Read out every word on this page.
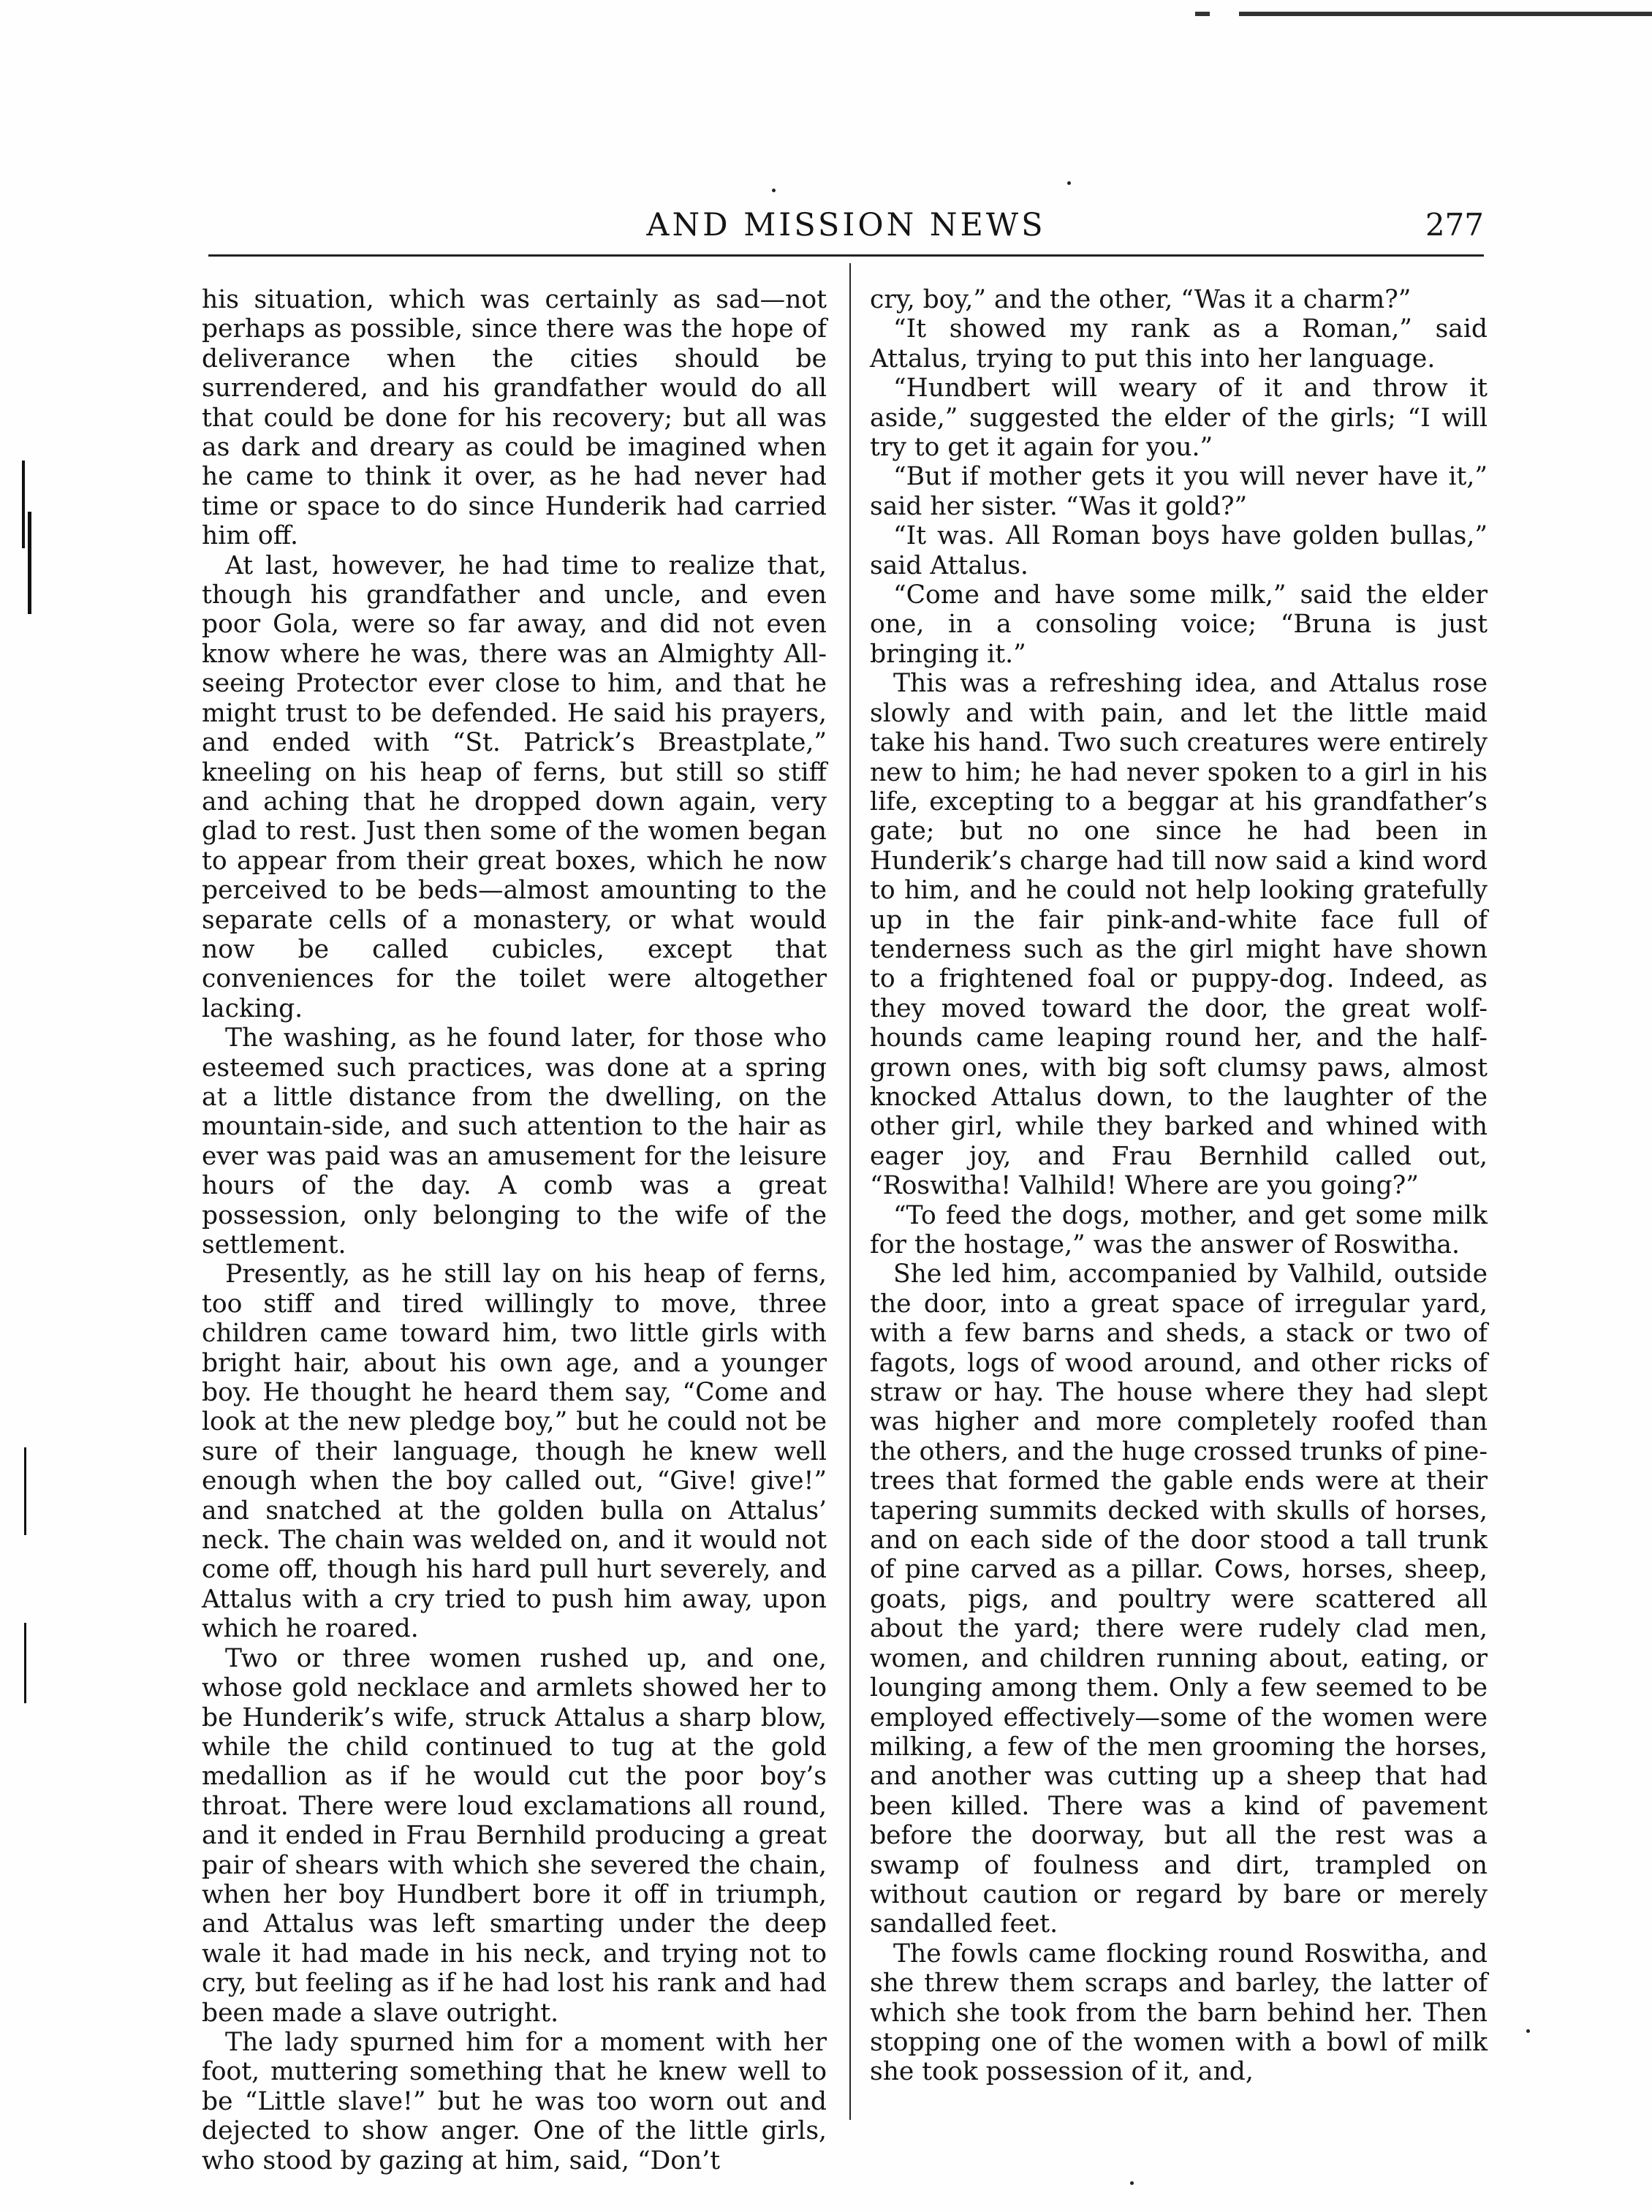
AND MISSION NEWS	277

his situation, which was certainly as sad—not perhaps as possible, since there was the hope of deliverance when the cities should be surrendered, and his grandfather would do all that could be done for his recovery; but all was as dark and dreary as could be imagined when he came to think it over, as he had never had time or space to do since Hunderik had carried him off.

At last, however, he had time to realize that, though his grandfather and uncle, and even poor Gola, were so far away, and did not even know where he was, there was an Almighty All-seeing Protector ever close to him, and that he might trust to be defended. He said his prayers, and ended with “St. Patrick’s Breastplate,” kneeling on his heap of ferns, but still so stiff and aching that he dropped down again, very glad to rest. Just then some of the women began to appear from their great boxes, which he now perceived to be beds—almost amounting to the separate cells of a monastery, or what would now be called cubicles, except that conveniences for the toilet were altogether lacking.

The washing, as he found later, for those who esteemed such practices, was done at a spring at a little distance from the dwelling, on the mountain-side, and such attention to the hair as ever was paid was an amusement for the leisure hours of the day. A comb was a great possession, only belonging to the wife of the settlement.

Presently, as he still lay on his heap of ferns, too stiff and tired willingly to move, three children came toward him, two little girls with bright hair, about his own age, and a younger boy. He thought he heard them say, “Come and look at the new pledge boy,” but he could not be sure of their language, though he knew well enough when the boy called out, “Give! give!” and snatched at the golden bulla on Attalus’ neck. The chain was welded on, and it would not come off, though his hard pull hurt severely, and Attalus with a cry tried to push him away, upon which he roared.

Two or three women rushed up, and one, whose gold necklace and armlets showed her to be Hunderik’s wife, struck Attalus a sharp blow, while the child continued to tug at the gold medallion as if he would cut the poor boy’s throat. There were loud exclamations all round, and it ended in Frau Bernhild producing a great pair of shears with which she severed the chain, when her boy Hundbert bore it off in triumph, and Attalus was left smarting under the deep wale it had made in his neck, and trying not to cry, but feeling as if he had lost his rank and had been made a slave outright.

The lady spurned him for a moment with her foot, muttering something that he knew well to be “Little slave!” but he was too worn out and dejected to show anger. One of the little girls, who stood by gazing at him, said, “Don’t

cry, boy,” and the other, “Was it a charm?”

“It showed my rank as a Roman,” said Attalus, trying to put this into her language.

“Hundbert will weary of it and throw it aside,” suggested the elder of the girls; “I will try to get it again for you.”

“But if mother gets it you will never have it,” said her sister. “Was it gold?”

“It was. All Roman boys have golden bullas,” said Attalus.

“Come and have some milk,” said the elder one, in a consoling voice; “Bruna is just bringing it.”

This was a refreshing idea, and Attalus rose slowly and with pain, and let the little maid take his hand. Two such creatures were entirely new to him; he had never spoken to a girl in his life, excepting to a beggar at his grandfather’s gate; but no one since he had been in Hunderik’s charge had till now said a kind word to him, and he could not help looking gratefully up in the fair pink-and-white face full of tenderness such as the girl might have shown to a frightened foal or puppy-dog. Indeed, as they moved toward the door, the great wolf-hounds came leaping round her, and the half-grown ones, with big soft clumsy paws, almost knocked Attalus down, to the laughter of the other girl, while they barked and whined with eager joy, and Frau Bernhild called out, “Roswitha! Valhild! Where are you going?”

“To feed the dogs, mother, and get some milk for the hostage,” was the answer of Roswitha.

She led him, accompanied by Valhild, outside the door, into a great space of irregular yard, with a few barns and sheds, a stack or two of fagots, logs of wood around, and other ricks of straw or hay. The house where they had slept was higher and more completely roofed than the others, and the huge crossed trunks of pine-trees that formed the gable ends were at their tapering summits decked with skulls of horses, and on each side of the door stood a tall trunk of pine carved as a pillar. Cows, horses, sheep, goats, pigs, and poultry were scattered all about the yard; there were rudely clad men, women, and children running about, eating, or lounging among them. Only a few seemed to be employed effectively—some of the women were milking, a few of the men grooming the horses, and another was cutting up a sheep that had been killed. There was a kind of pavement before the doorway, but all the rest was a swamp of foulness and dirt, trampled on without caution or regard by bare or merely sandalled feet.

The fowls came flocking round Roswitha, and she threw them scraps and barley, the latter of which she took from the barn behind her. Then stopping one of the women with a bowl of milk she took possession of it, and,
